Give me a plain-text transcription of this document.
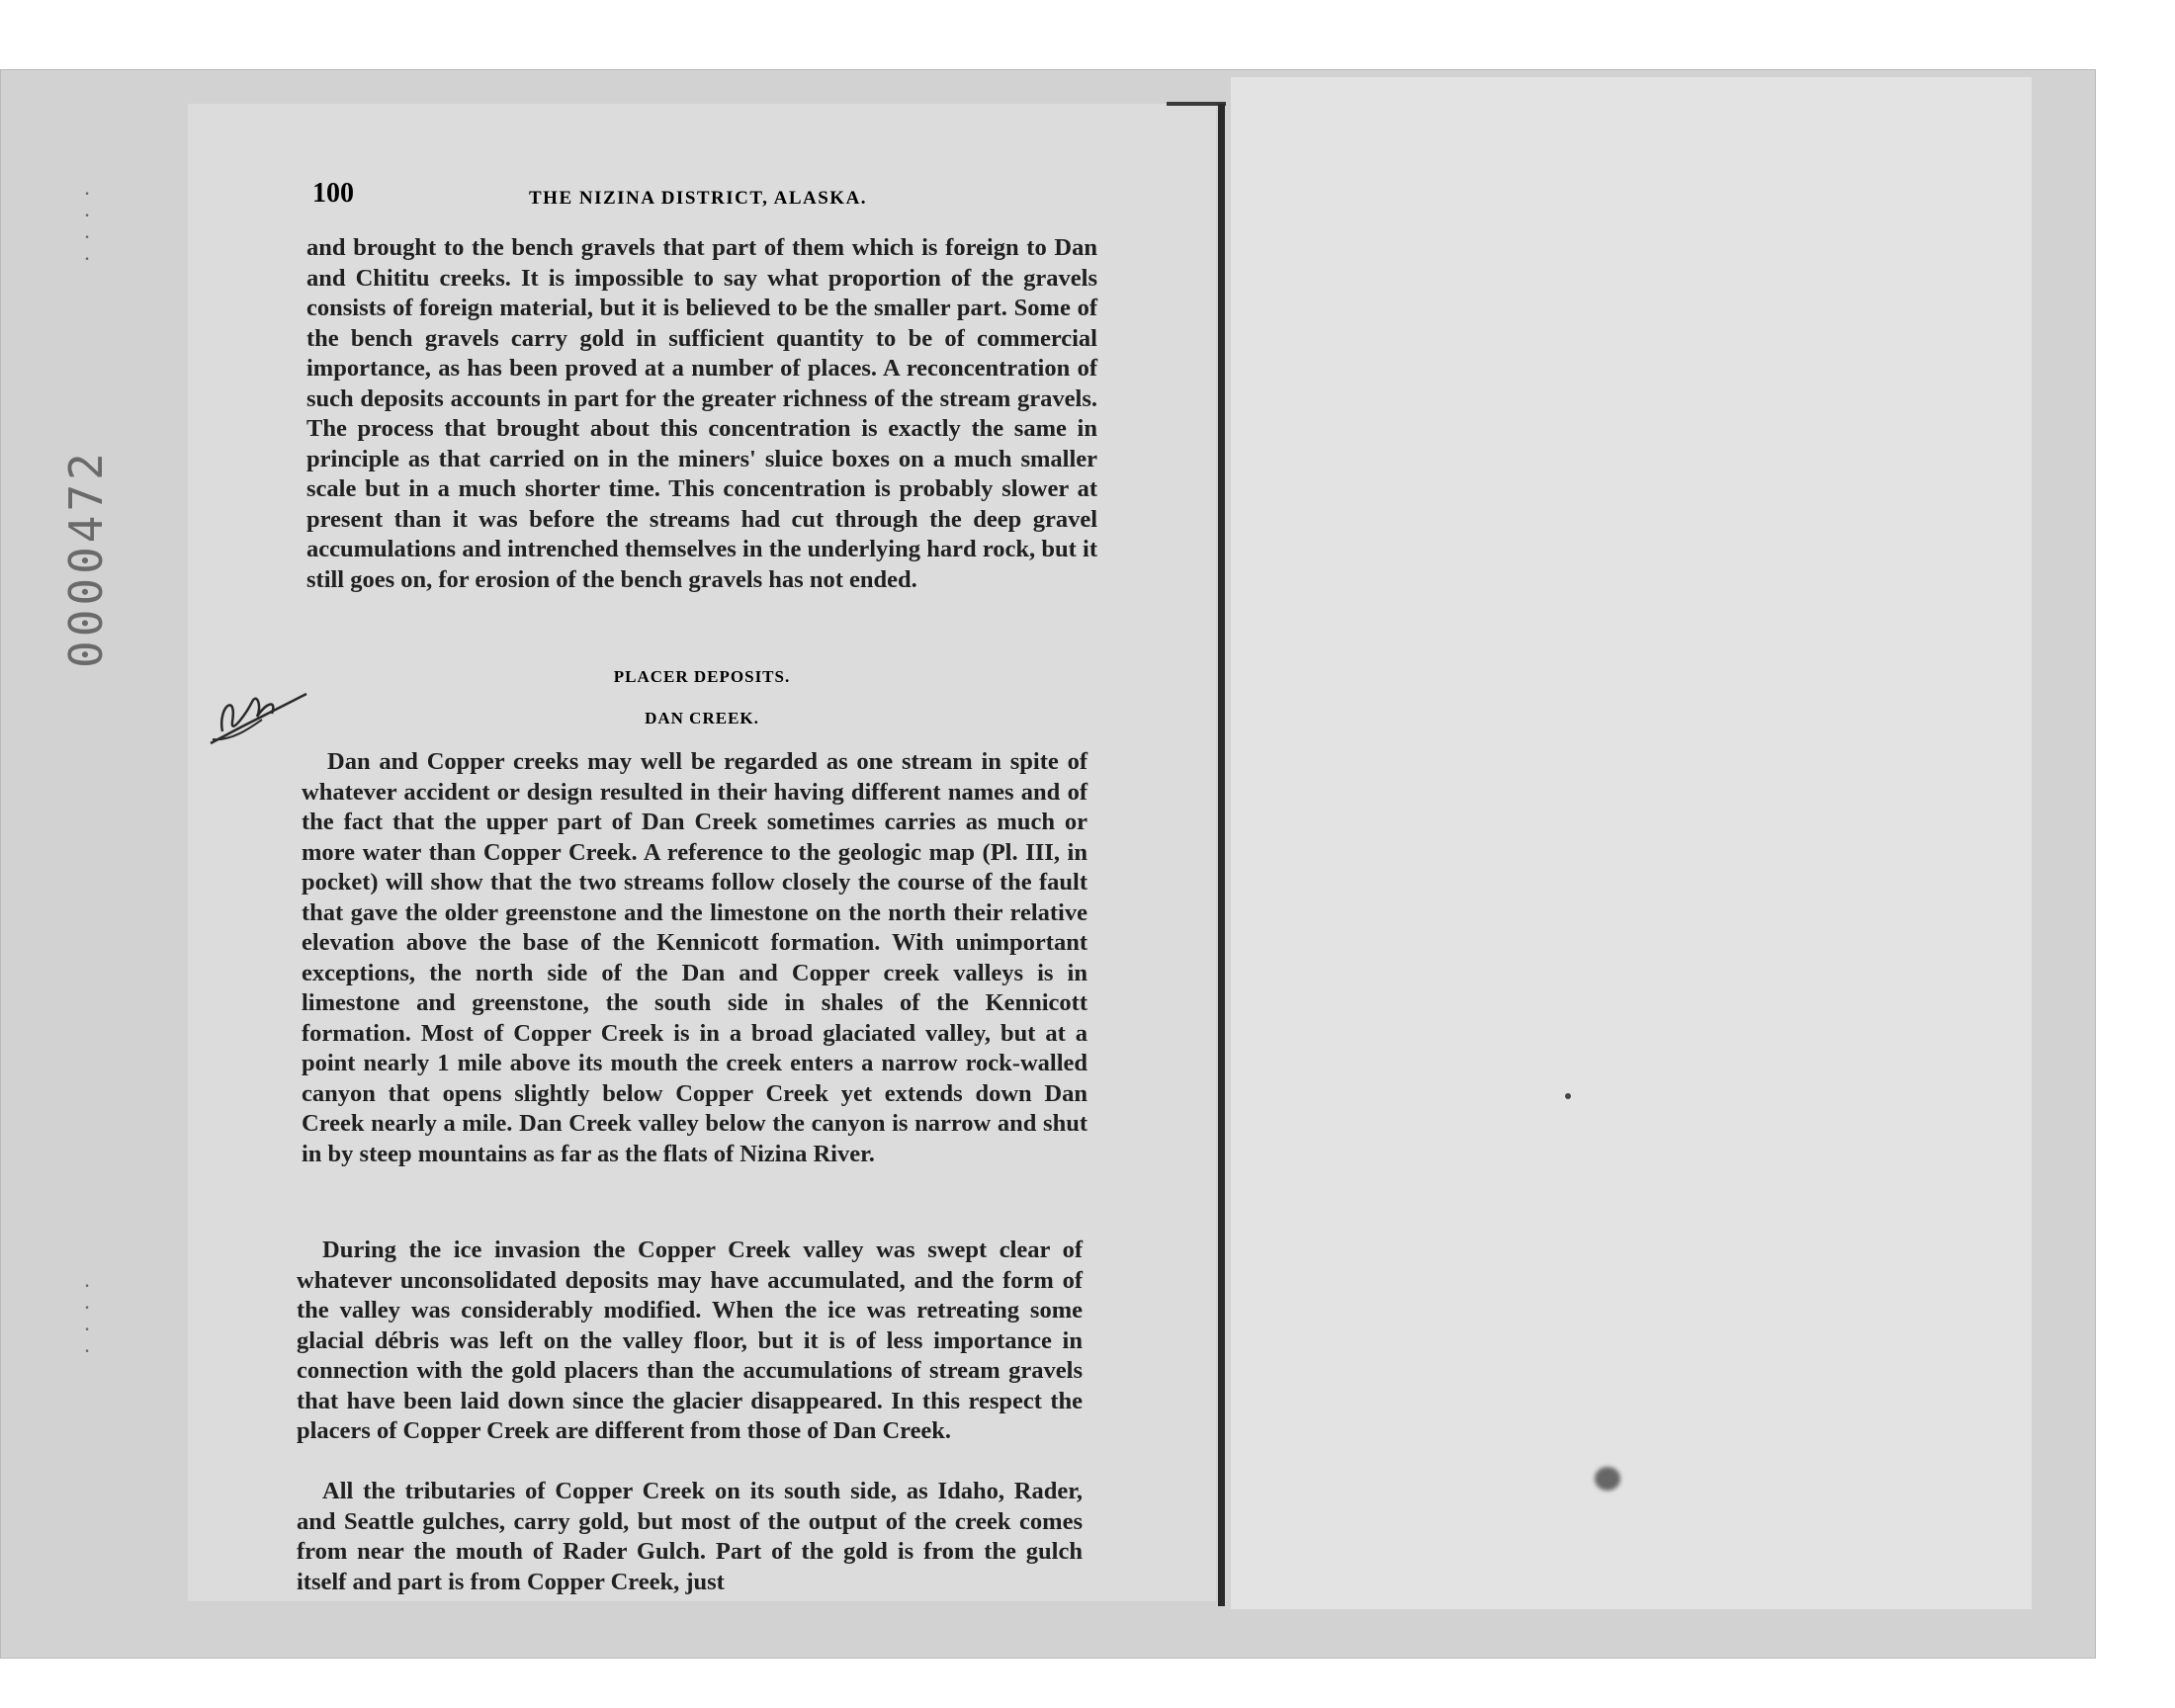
0000472
·
·
·
·
·
·
·
·
100	THE NIZINA DISTRICT, ALASKA.

and brought to the bench gravels that part of them which is foreign to Dan and Chititu creeks. It is impossible to say what proportion of the gravels consists of foreign material, but it is believed to be the smaller part. Some of the bench gravels carry gold in sufficient quantity to be of commercial importance, as has been proved at a number of places. A reconcentration of such deposits accounts in part for the greater richness of the stream gravels. The process that brought about this concentration is exactly the same in principle as that carried on in the miners' sluice boxes on a much smaller scale but in a much shorter time. This concentration is probably slower at present than it was before the streams had cut through the deep gravel accumulations and intrenched themselves in the underlying hard rock, but it still goes on, for erosion of the bench gravels has not ended.

PLACER DEPOSITS.
DAN CREEK.

Dan and Copper creeks may well be regarded as one stream in spite of whatever accident or design resulted in their having different names and of the fact that the upper part of Dan Creek sometimes carries as much or more water than Copper Creek. A reference to the geologic map (Pl. III, in pocket) will show that the two streams follow closely the course of the fault that gave the older greenstone and the limestone on the north their relative elevation above the base of the Kennicott formation. With unimportant exceptions, the north side of the Dan and Copper creek valleys is in limestone and greenstone, the south side in shales of the Kennicott formation. Most of Copper Creek is in a broad glaciated valley, but at a point nearly 1 mile above its mouth the creek enters a narrow rock-walled canyon that opens slightly below Copper Creek yet extends down Dan Creek nearly a mile. Dan Creek valley below the canyon is narrow and shut in by steep mountains as far as the flats of Nizina River.

During the ice invasion the Copper Creek valley was swept clear of whatever unconsolidated deposits may have accumulated, and the form of the valley was considerably modified. When the ice was retreating some glacial débris was left on the valley floor, but it is of less importance in connection with the gold placers than the accumulations of stream gravels that have been laid down since the glacier disappeared. In this respect the placers of Copper Creek are different from those of Dan Creek.

All the tributaries of Copper Creek on its south side, as Idaho, Rader, and Seattle gulches, carry gold, but most of the output of the creek comes from near the mouth of Rader Gulch. Part of the gold is from the gulch itself and part is from Copper Creek, just
